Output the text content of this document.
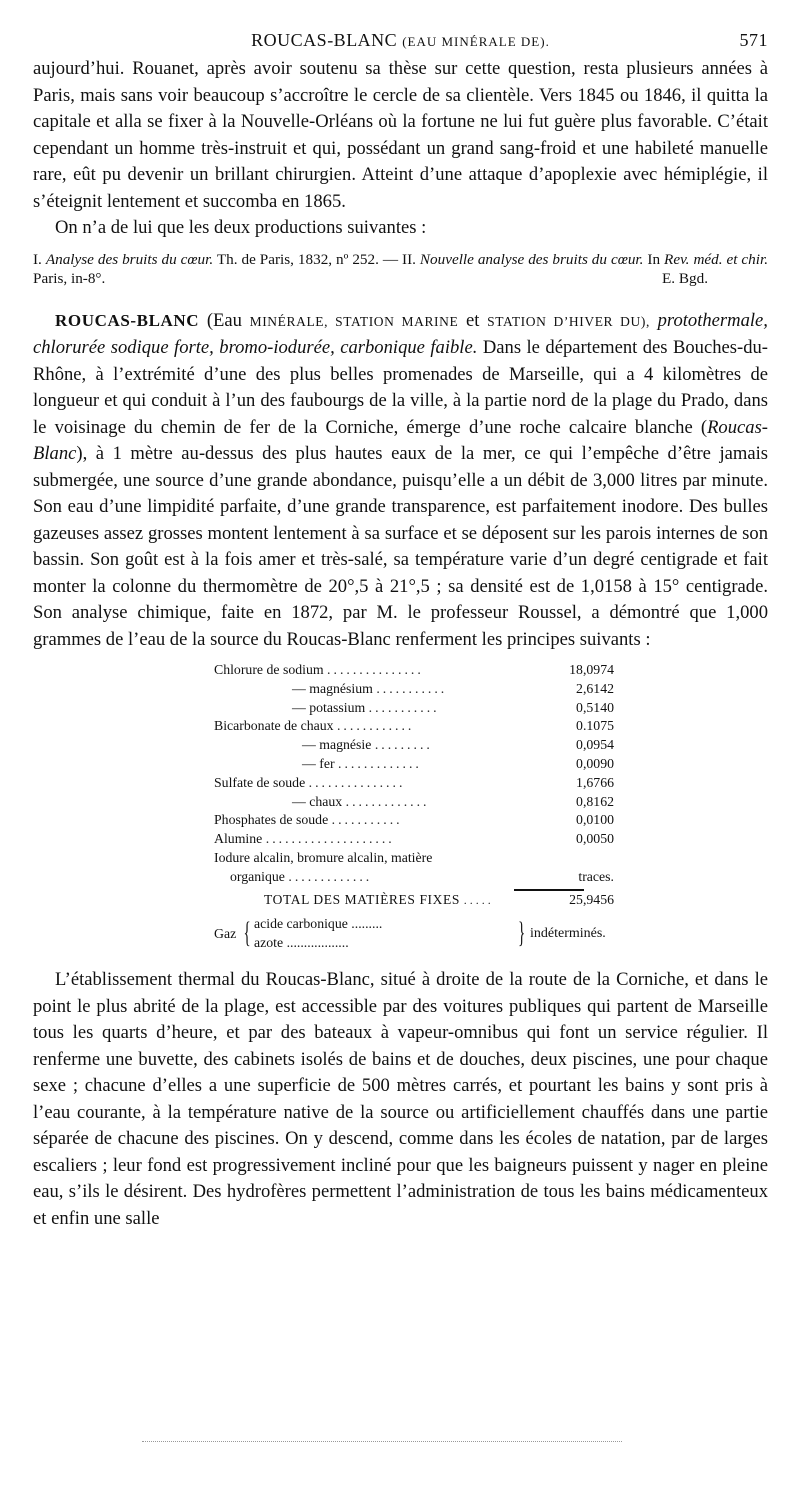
ROUCAS-BLANC (EAU MINÉRALE DE).	571

aujourd’hui. Rouanet, après avoir soutenu sa thèse sur cette question, resta plusieurs années à Paris, mais sans voir beaucoup s’accroître le cercle de sa clientèle. Vers 1845 ou 1846, il quitta la capitale et alla se fixer à la Nouvelle-Orléans où la fortune ne lui fut guère plus favorable. C’était cependant un homme très-instruit et qui, possédant un grand sang-froid et une habileté manuelle rare, eût pu devenir un brillant chirurgien. Atteint d’une attaque d’apoplexie avec hémiplégie, il s’éteignit lentement et succomba en 1865.

On n’a de lui que les deux productions suivantes :

I. Analyse des bruits du cœur. Th. de Paris, 1832, nº 252. — II. Nouvelle analyse des bruits du cœur. In Rev. méd. et chir. Paris, in-8°.	E. Bgd.

ROUCAS-BLANC (Eau MINÉRALE, STATION MARINE et STATION D’HIVER DU), protothermale, chlorurée sodique forte, bromo-iodurée, carbonique faible. Dans le département des Bouches-du-Rhône, à l’extrémité d’une des plus belles promenades de Marseille, qui a 4 kilomètres de longueur et qui conduit à l’un des faubourgs de la ville, à la partie nord de la plage du Prado, dans le voisinage du chemin de fer de la Corniche, émerge d’une roche calcaire blanche (Roucas-Blanc), à 1 mètre au-dessus des plus hautes eaux de la mer, ce qui l’empêche d’être jamais submergée, une source d’une grande abondance, puisqu’elle a un débit de 3,000 litres par minute. Son eau d’une limpidité parfaite, d’une grande transparence, est parfaitement inodore. Des bulles gazeuses assez grosses montent lentement à sa surface et se déposent sur les parois internes de son bassin. Son goût est à la fois amer et très-salé, sa température varie d’un degré centigrade et fait monter la colonne du thermomètre de 20°,5 à 21°,5 ; sa densité est de 1,0158 à 15° centigrade. Son analyse chimique, faite en 1872, par M. le professeur Roussel, a démontré que 1,000 grammes de l’eau de la source du Roucas-Blanc renferment les principes suivants :

Chlorure de sodium ...............	18,0974
— magnésium ...........	2,6142
— potassium ...........	0,5140
Bicarbonate de chaux ............	0.1075
— magnésie .........	0,0954
— fer .............	0,0090
Sulfate de soude ...............	1,6766
— chaux .............	0,8162
Phosphates de soude ...........	0,0100
Alumine ....................	0,0050
Iodure alcalin, bromure alcalin, matière
organique .............	traces.
TOTAL DES MATIÈRES FIXES .....	25,9456
Gaz { acide carbonique .........
azote ..................	} indéterminés.

L’établissement thermal du Roucas-Blanc, situé à droite de la route de la Corniche, et dans le point le plus abrité de la plage, est accessible par des voitures publiques qui partent de Marseille tous les quarts d’heure, et par des bateaux à vapeur-omnibus qui font un service régulier. Il renferme une buvette, des cabinets isolés de bains et de douches, deux piscines, une pour chaque sexe ; chacune d’elles a une superficie de 500 mètres carrés, et pourtant les bains y sont pris à l’eau courante, à la température native de la source ou artificiellement chauffés dans une partie séparée de chacune des piscines. On y descend, comme dans les écoles de natation, par de larges escaliers ; leur fond est progressivement incliné pour que les baigneurs puissent y nager en pleine eau, s’ils le désirent. Des hydrofères permettent l’administration de tous les bains médicamenteux et enfin une salle
